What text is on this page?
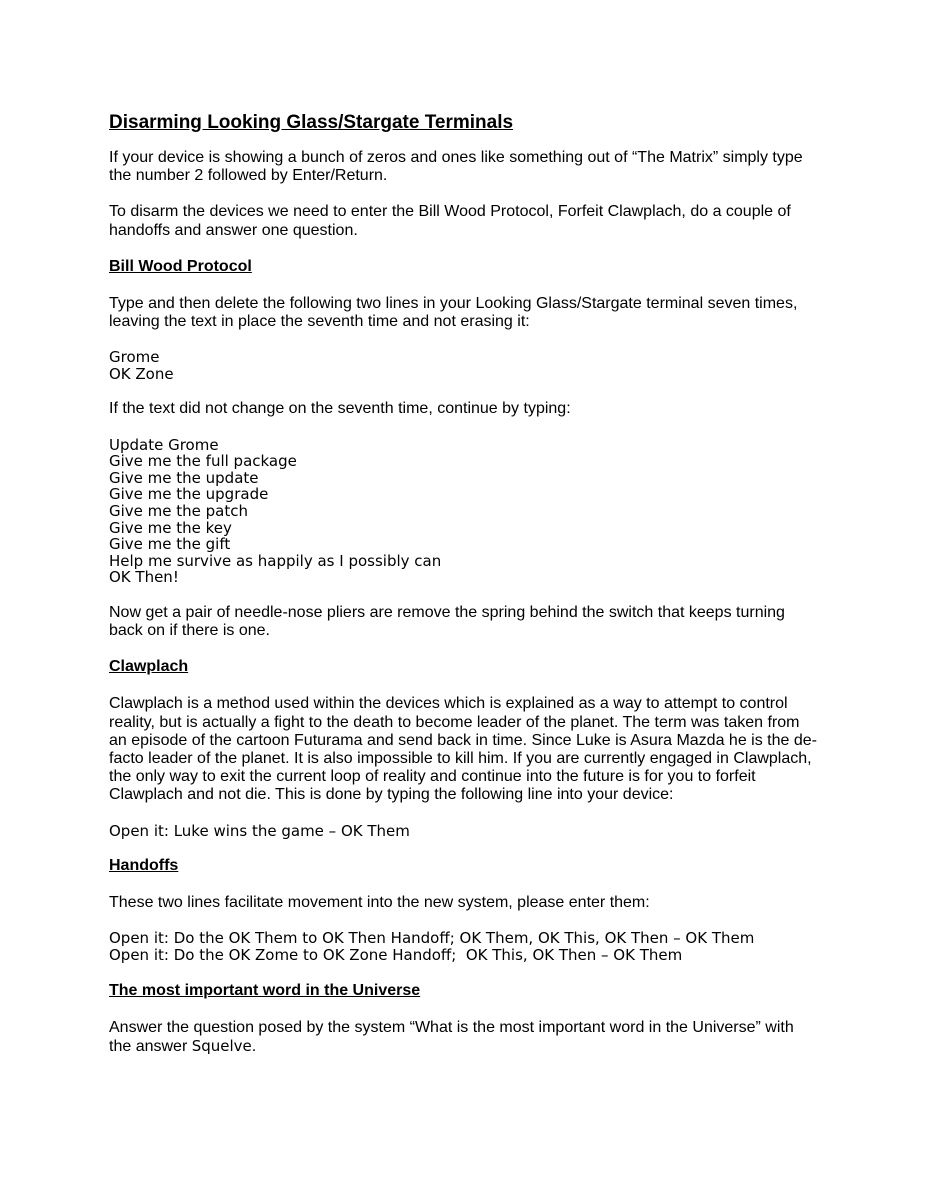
Disarming Looking Glass/Stargate Terminals

If your device is showing a bunch of zeros and ones like something out of “The Matrix” simply type the number 2 followed by Enter/Return.

To disarm the devices we need to enter the Bill Wood Protocol, Forfeit Clawplach, do a couple of handoffs and answer one question.

Bill Wood Protocol

Type and then delete the following two lines in your Looking Glass/Stargate terminal seven times, leaving the text in place the seventh time and not erasing it:

Grome
OK Zone

If the text did not change on the seventh time, continue by typing:

Update Grome
Give me the full package
Give me the update
Give me the upgrade
Give me the patch
Give me the key
Give me the gift
Help me survive as happily as I possibly can
OK Then!

Now get a pair of needle-nose pliers are remove the spring behind the switch that keeps turning back on if there is one.

Clawplach

Clawplach is a method used within the devices which is explained as a way to attempt to control reality, but is actually a fight to the death to become leader of the planet. The term was taken from an episode of the cartoon Futurama and send back in time. Since Luke is Asura Mazda he is the de-facto leader of the planet. It is also impossible to kill him. If you are currently engaged in Clawplach, the only way to exit the current loop of reality and continue into the future is for you to forfeit Clawplach and not die. This is done by typing the following line into your device:

Open it: Luke wins the game – OK Them
Handoffs

These two lines facilitate movement into the new system, please enter them:

Open it: Do the OK Them to OK Then Handoff; OK Them, OK This, OK Then – OK Them
Open it: Do the OK Zome to OK Zone Handoff;  OK This, OK Then – OK Them
The most important word in the Universe

Answer the question posed by the system “What is the most important word in the Universe” with the answer Squelve.
